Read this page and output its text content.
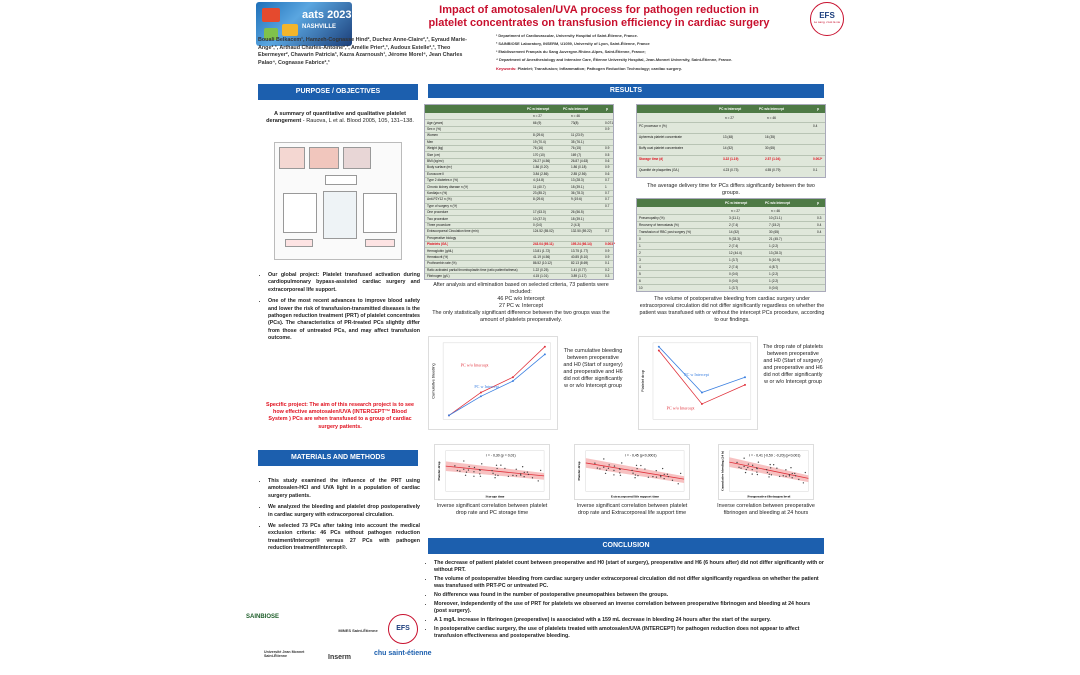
aats 2023
NASHVILLE
Impact of amotosalen/UVA process for pathogen reduction in
platelet concentrates on transfusion efficiency in cardiac surgery
EFS
Le sang, c'est la vie
Bouali Belkacem¹, Hamzeh-Cognasse Hind², Duchez Anne-Claire²,³, Eyraud Marie-Ange²,³, Arthaud Charles-Antoine²,³, Amélie Prier²,³, Audoux Estelle²,³, Theo Ebermeyer², Chavarin Patricia³, Kazra Azarnoush¹, Jérome Morel⁴, Jean Charles Palao⁴, Cognasse Fabrice²,³
¹ Department of Cardiovascular, University Hospital of Saint-Étienne, France.
² SAINBIOSE Laboratory, INSERM, U1059, University of Lyon, Saint-Étienne, France
³ Etablissement Français du Sang Auvergne-Rhône-Alpes, Saint-Étienne, France;
⁴ Department of Anesthesiology and Intensive Care, Étienne University Hospital, Jean-Monnet University, Saint-Étienne, France.
Keywords: Platelet; Transfusion; Inflammation; Pathogen Reduction Technology; cardiac surgery.
PURPOSE / OBJECTIVES
A summary of quantitative and qualitative platelet derangement - Rauova, L et al. Blood 2005, 105, 131–138.
• Our global project: Platelet transfused activation during cardiopulmonary bypass-assisted cardiac surgery and extracorporeal life support.
• One of the most recent advances to improve blood safety and lower the risk of transfusion-transmitted diseases is the pathogen reduction treatment (PRT) of platelet concentrates (PCs). The characteristics of PR-treated PCs slightly differ from those of untreated PCs, and may affect transfusion outcome.
Specific project: The aim of this research project is to see how effective amotosalen/UVA (INTERCEPT™ Blood System ) PCs are when transfused to a group of cardiac surgery patients.
MATERIALS AND METHODS
• This study examined the influence of the PRT using amotosalen-HCl and UVA light in a population of cardiac surgery patients.
• We analyzed the bleeding and platelet drop postoperatively in cardiac surgery with extracorporeal circulation.
• We selected 73 PCs after taking into account the medical exclusion criteria: 46 PCs without pathogen reduction treatment/Intercept® versus 27 PCs with pathogen reduction treatment/Intercept®.
SAINBIOSE
MINES Saint-Étienne	EFS
Université Jean Monnet Saint-Étienne	Inserm
chu saint-étienne
RESULTS
PC w Intercept	PC w/o Intercept	p
n = 27	n = 46
Age (years)	66 (9)	73(8)	0.071
Sex n (%)	0.9
Women	8 (29.6)	11 (23.9)
Men	19 (70.4)	35 (76.1)
Weight (kg)	76 (16)	76 (15)	0.9
Size (cm)	170 (10)	169 (7)	0.5
BMI (kg/m²)	26.27 (4.56)	26.87 (4.63)	0.6
Body surface (m²)	1.86 (0.20)	1.86 (0.18)	0.9
Euroscore II	3.84 (2.86)	2.85 (2.56)	0.6
Type 2 diabetes n (%)	4 (14.8)	13 (28.3)	0.7
Chronic kidney disease n (%)	11 (40.7)	18 (39.1)	1
Kardiaja n (%)	23 (85.2)	36 (78.3)	0.7
Anti-P2Y12 n (%)	8 (29.6)	9 (19.6)	0.7
Type of surgery n (%)	0.7
One procedure	17 (63.0)	26 (56.5)
Two procedure	10 (37.0)	18 (39.1)
Three procedure	0 (0.0)	2 (4.3)
Extracorporeal Circulation time (min)	124.52 (55.02)	132.50 (59.22)	0.7
Preoperative biology
Platelets (G/L)	243.04 (69.11)	195.24 (66.14)	0.003 *
Hemoglobin (g/dL)	13.81 (1.72)	13.75 (1.77)	0.9
Hematocrit (%)	41.19 (4.56)	40.85 (5.10)	0.9
Prothrombin rate (%)	86.52 (10.12)	82.13 (8.69)	0.1
Ratio activated partial thromboplastin time (ratio patient/witness)	1.22 (0.25)	1.41 (0.77)	0.2
Fibrinogen (g/L)	4.15 (1.01)	3.89 (1.17)	0.3
After analysis and elimination based on selected criteria, 73 patients were included:
46 PC w/o Intercept
27 PC w. Intercept
The only statistically significant difference between the two groups was the amount of platelets preoperatively.
PC w Intercept	PC w/o Intercept	p
n = 27	n = 46
PC processor n (%)	0.4
Apheresis platelet concentrate	13 (48)	16 (35)
Buffy coat platelet concentrates	14 (52)	30 (65)
Storage time (d)	3.22 (1.19)	2.57 (1.04)	0.002*
Quantité de plaquettes (G/L)	4.23 (0.73)	4.55 (0.79)	0.1
The average delivery time for PCs differs significantly between the two groups.
PC w Intercept	PC w/o Intercept	p
n = 27	n = 46
Pneumopathy (%)	3 (11.1)	10 (21.1)	0.3
Recovery of hemostasis (%)	2 (7.4)	7 (15.2)	0.4
Transfusion of RBC post surgery (%)	14 (52)	30 (65)	0.4
0	9 (33.3)	21 (45.7)
1	2 (7.4)	1 (2.2)
2	12 (44.4)	13 (28.3)
3	1 (3.7)	5 (10.9)
4	2 (7.4)	4 (8.7)
5	0 (0.0)	1 (2.2)
6	0 (0.0)	1 (2.2)
10	1 (3.7)	0 (0.0)
The volume of postoperative bleeding from cardiac surgery under extracorporeal circulation did not differ significantly regardless on whether the patient was transfused with or without the intercept PCs procedure, according to our findings.
Cumulative bleeding	PC w/o Intercept
PC w Intercept
The cumulative bleeding between preoperative and H0 (Start of surgery) and preoperative and H6 did not differ significantly w or w/o Intercept group	Platelet drop	PC w Intercept
PC w/o Intercept
The drop rate of platelets between preoperative and H0 (Start of surgery) and preoperative and H6 did not differ significantly w or w/o Intercept group
r = - 0,30 (p = 0,01)
Storage time
Platelet drop
r = - 0,45 (p<0,0001)
Extracorporeal life support time
Platelet drop
r = - 0,41 [-0,59 ; -0,20] (p<0,001)
Preoperative fibrinogen level
Cumulative bleeding (24 h)
Inverse significant correlation between platelet drop rate and PC storage time
Inverse significant correlation between platelet drop rate and Extracorporeal life support time
Inverse correlation between preoperative fibrinogen and bleeding at 24 hours
CONCLUSION
• The decrease of patient platelet count between preoperative and H0 (start of surgery), preoperative and H6 (6 hours after) did not differ significantly with or without PRT.
• The volume of postoperative bleeding from cardiac surgery under extracorporeal circulation did not differ significantly regardless on whether the patient was transfused with PRT-PC or untreated PC.
• No difference was found in the number of postoperative pneumopathies between the groups.
• Moreover, independently of the use of PRT for platelets we observed an inverse correlation between preoperative fibrinogen and bleeding at 24 hours (post surgery).
• A 1 mg/L increase in fibrinogen (preoperative) is associated with a 159 mL decrease in bleeding 24 hours after the start of the surgery.
• In postoperative cardiac surgery, the use of platelets treated with amotosalen/UVA (INTERCEPT) for pathogen reduction does not appear to affect transfusion effectiveness and postoperative bleeding.
